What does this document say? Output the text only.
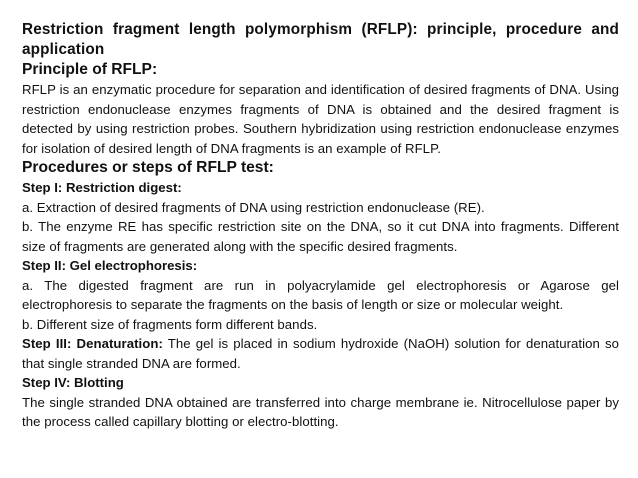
Restriction fragment length polymorphism (RFLP): principle, procedure and application

Principle of RFLP:

RFLP is an enzymatic procedure for separation and identification of desired fragments of DNA. Using restriction endonuclease enzymes fragments of DNA is obtained and the desired fragment is detected by using restriction probes. Southern hybridization using restriction endonuclease enzymes for isolation of desired length of DNA fragments is an example of RFLP.

Procedures or steps of RFLP test:

Step I: Restriction digest:

a. Extraction of desired fragments of DNA using restriction endonuclease (RE).

b. The enzyme RE has specific restriction site on the DNA, so it cut DNA into fragments. Different size of fragments are generated along with the specific desired fragments.

Step II: Gel electrophoresis:

a. The digested fragment are run in polyacrylamide gel electrophoresis or Agarose gel electrophoresis to separate the fragments on the basis of length or size or molecular weight.

b. Different size of fragments form different bands.

Step III: Denaturation: The gel is placed in sodium hydroxide (NaOH) solution for denaturation so that single stranded DNA are formed.

Step IV: Blotting

The single stranded DNA obtained are transferred into charge membrane ie. Nitrocellulose paper by the process called capillary blotting or electro-blotting.
